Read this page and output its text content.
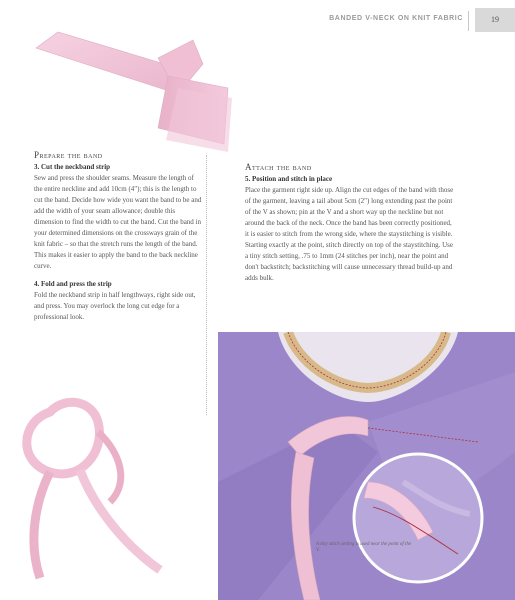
BANDED V-NECK ON KNIT FABRIC	19
Prepare the band
3. Cut the neckband strip

Sew and press the shoulder seams. Measure the length of the entire neckline and add 10cm (4"); this is the length to cut the band. Decide how wide you want the band to be and add the width of your seam allowance; double this dimension to find the width to cut the band. Cut the band in your determined dimensions on the crossways grain of the knit fabric – so that the stretch runs the length of the band. This makes it easier to apply the band to the back neckline curve.

4. Fold and press the strip

Fold the neckband strip in half lengthways, right side out, and press. You may overlock the long cut edge for a professional look.

Attach the band
5. Position and stitch in place

Place the garment right side up. Align the cut edges of the band with those of the garment, leaving a tail about 5cm (2") long extending past the point of the V as shown; pin at the V and a short way up the neckline but not around the back of the neck. Once the band has been correctly positioned, it is easier to stitch from the wrong side, where the staystitching is visible. Starting exactly at the point, stitch directly on top of the staystitching. Use a tiny stitch setting, .75 to 1mm (24 stitches per inch), near the point and don't backstitch; backstitching will cause unnecessary thread build-up and adds bulk.

A tiny stitch setting is used near the point of the V.
